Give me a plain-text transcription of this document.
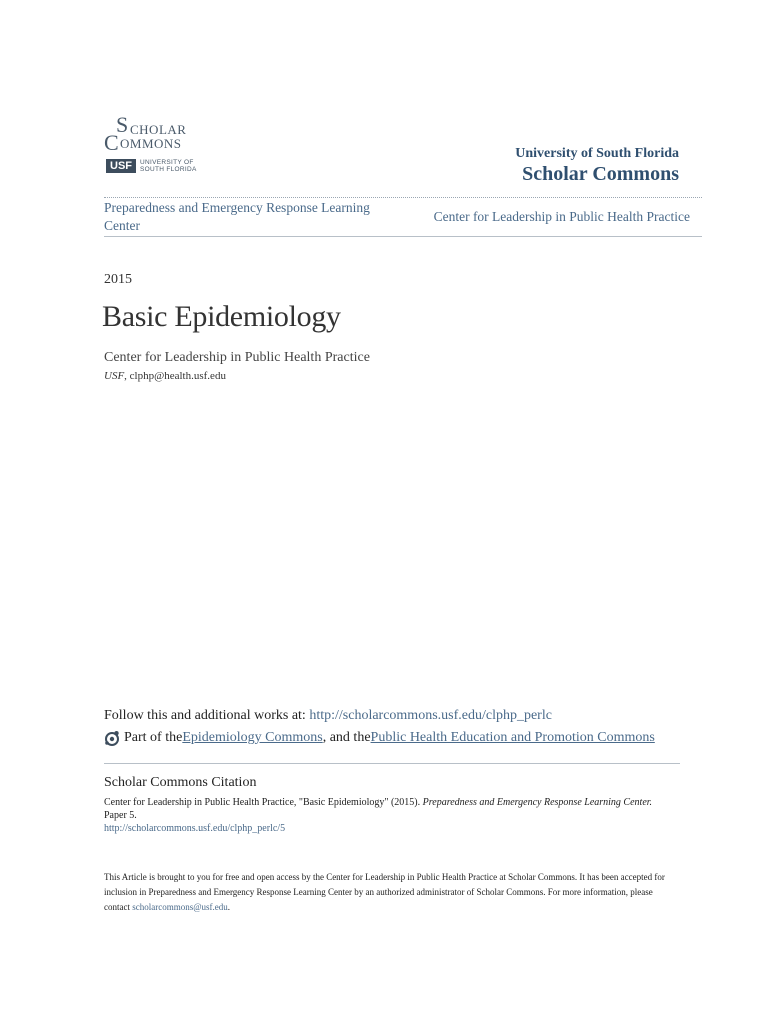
S CHOLAR
C OMMONS
USF	UNIVERSITY OF
SOUTH FLORIDA
University of South Florida
Scholar Commons
Preparedness and Emergency Response Learning Center
Center for Leadership in Public Health Practice
2015
Basic Epidemiology
Center for Leadership in Public Health Practice
USF, clphp@health.usf.edu
Follow this and additional works at: http://scholarcommons.usf.edu/clphp_perlc
Part of the Epidemiology Commons , and the Public Health Education and Promotion Commons
Scholar Commons Citation
Center for Leadership in Public Health Practice, "Basic Epidemiology" (2015). Preparedness and Emergency Response Learning Center.
Paper 5.
http://scholarcommons.usf.edu/clphp_perlc/5
This Article is brought to you for free and open access by the Center for Leadership in Public Health Practice at Scholar Commons. It has been accepted for inclusion in Preparedness and Emergency Response Learning Center by an authorized administrator of Scholar Commons. For more information, please contact scholarcommons@usf.edu.
